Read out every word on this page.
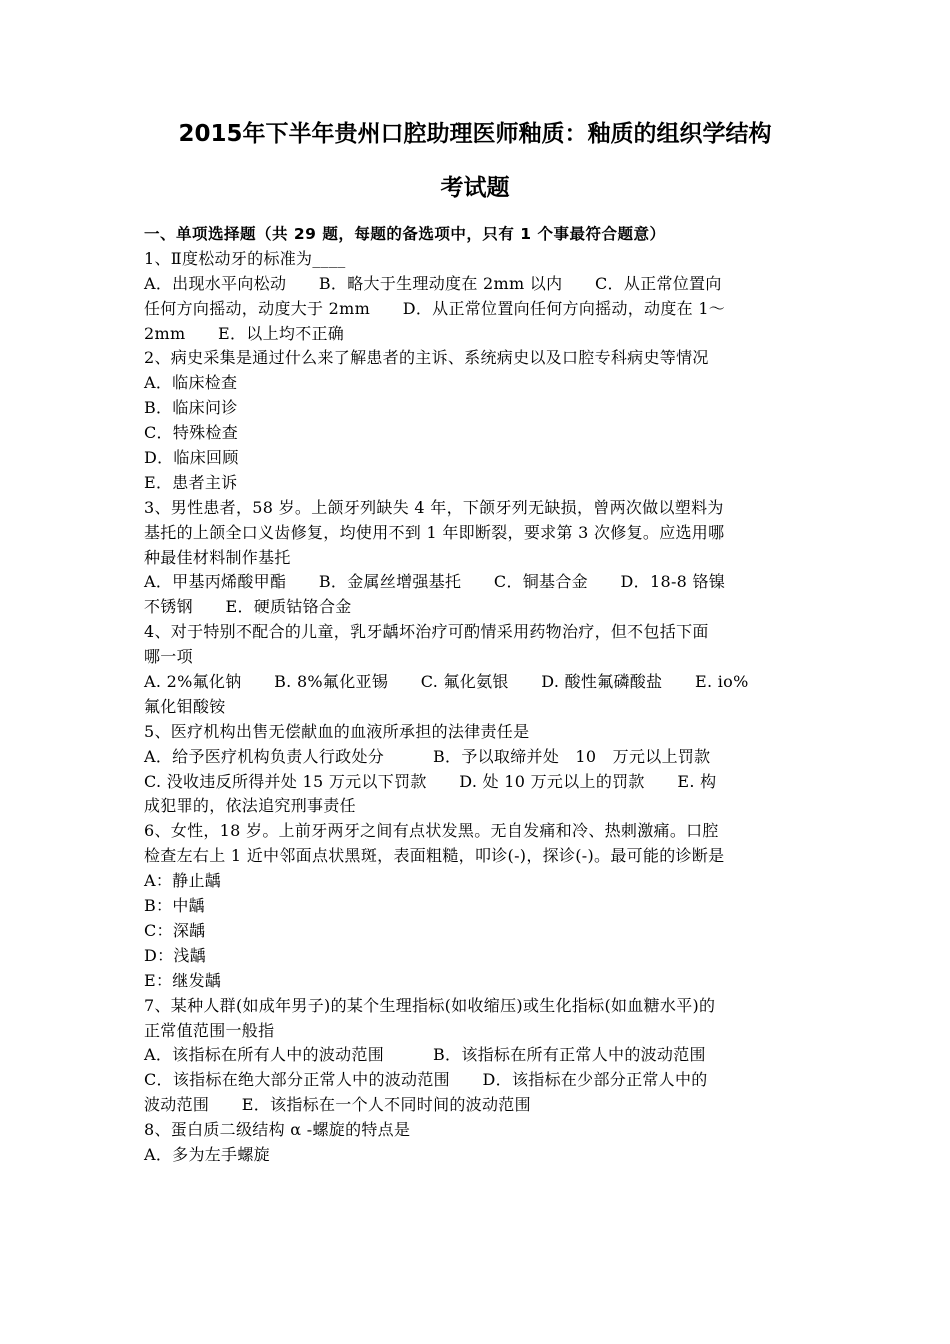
2015年下半年贵州口腔助理医师釉质：釉质的组织学结构
考试题
一、单项选择题（共 29 题，每题的备选项中，只有 1 个事最符合题意）
1、Ⅱ度松动牙的标准为____
A．出现水平向松动　　B．略大于生理动度在 2mm 以内　　C．从正常位置向
任何方向摇动，动度大于 2mm　　D．从正常位置向任何方向摇动，动度在 1～
2mm　　E．以上均不正确
2、病史采集是通过什么来了解患者的主诉、系统病史以及口腔专科病史等情况
A．临床检查
B．临床问诊
C．特殊检查
D．临床回顾
E．患者主诉
3、男性患者，58 岁。上颌牙列缺失 4 年，下颌牙列无缺损，曾两次做以塑料为
基托的上颌全口义齿修复，均使用不到 1 年即断裂，要求第 3 次修复。应选用哪
种最佳材料制作基托
A．甲基丙烯酸甲酯　　B．金属丝增强基托　　C．铜基合金　　D．18-8 铬镍
不锈钢　　E．硬质钴铬合金
4、对于特别不配合的儿童，乳牙龋坏治疗可酌情采用药物治疗，但不包括下面
哪一项
A. 2%氟化钠　　B. 8%氟化亚锡　　C. 氟化氨银　　D. 酸性氟磷酸盐　　E. io%
氟化钼酸铵
5、医疗机构出售无偿献血的血液所承担的法律责任是
A．给予医疗机构负责人行政处分　　　B．予以取缔并处　10　万元以上罚款
C. 没收违反所得并处 15 万元以下罚款　　D. 处 10 万元以上的罚款　　E. 构
成犯罪的，依法追究刑事责任
6、女性，18 岁。上前牙两牙之间有点状发黑。无自发痛和冷、热刺激痛。口腔
检查左右上 1 近中邻面点状黑斑，表面粗糙，叩诊(-)，探诊(-)。最可能的诊断是
A：静止龋
B：中龋
C：深龋
D：浅龋
E：继发龋
7、某种人群(如成年男子)的某个生理指标(如收缩压)或生化指标(如血糖水平)的
正常值范围一般指
A．该指标在所有人中的波动范围　　　B．该指标在所有正常人中的波动范围
C．该指标在绝大部分正常人中的波动范围　　D．该指标在少部分正常人中的
波动范围　　E．该指标在一个人不同时间的波动范围
8、蛋白质二级结构 α -螺旋的特点是
A．多为左手螺旋
